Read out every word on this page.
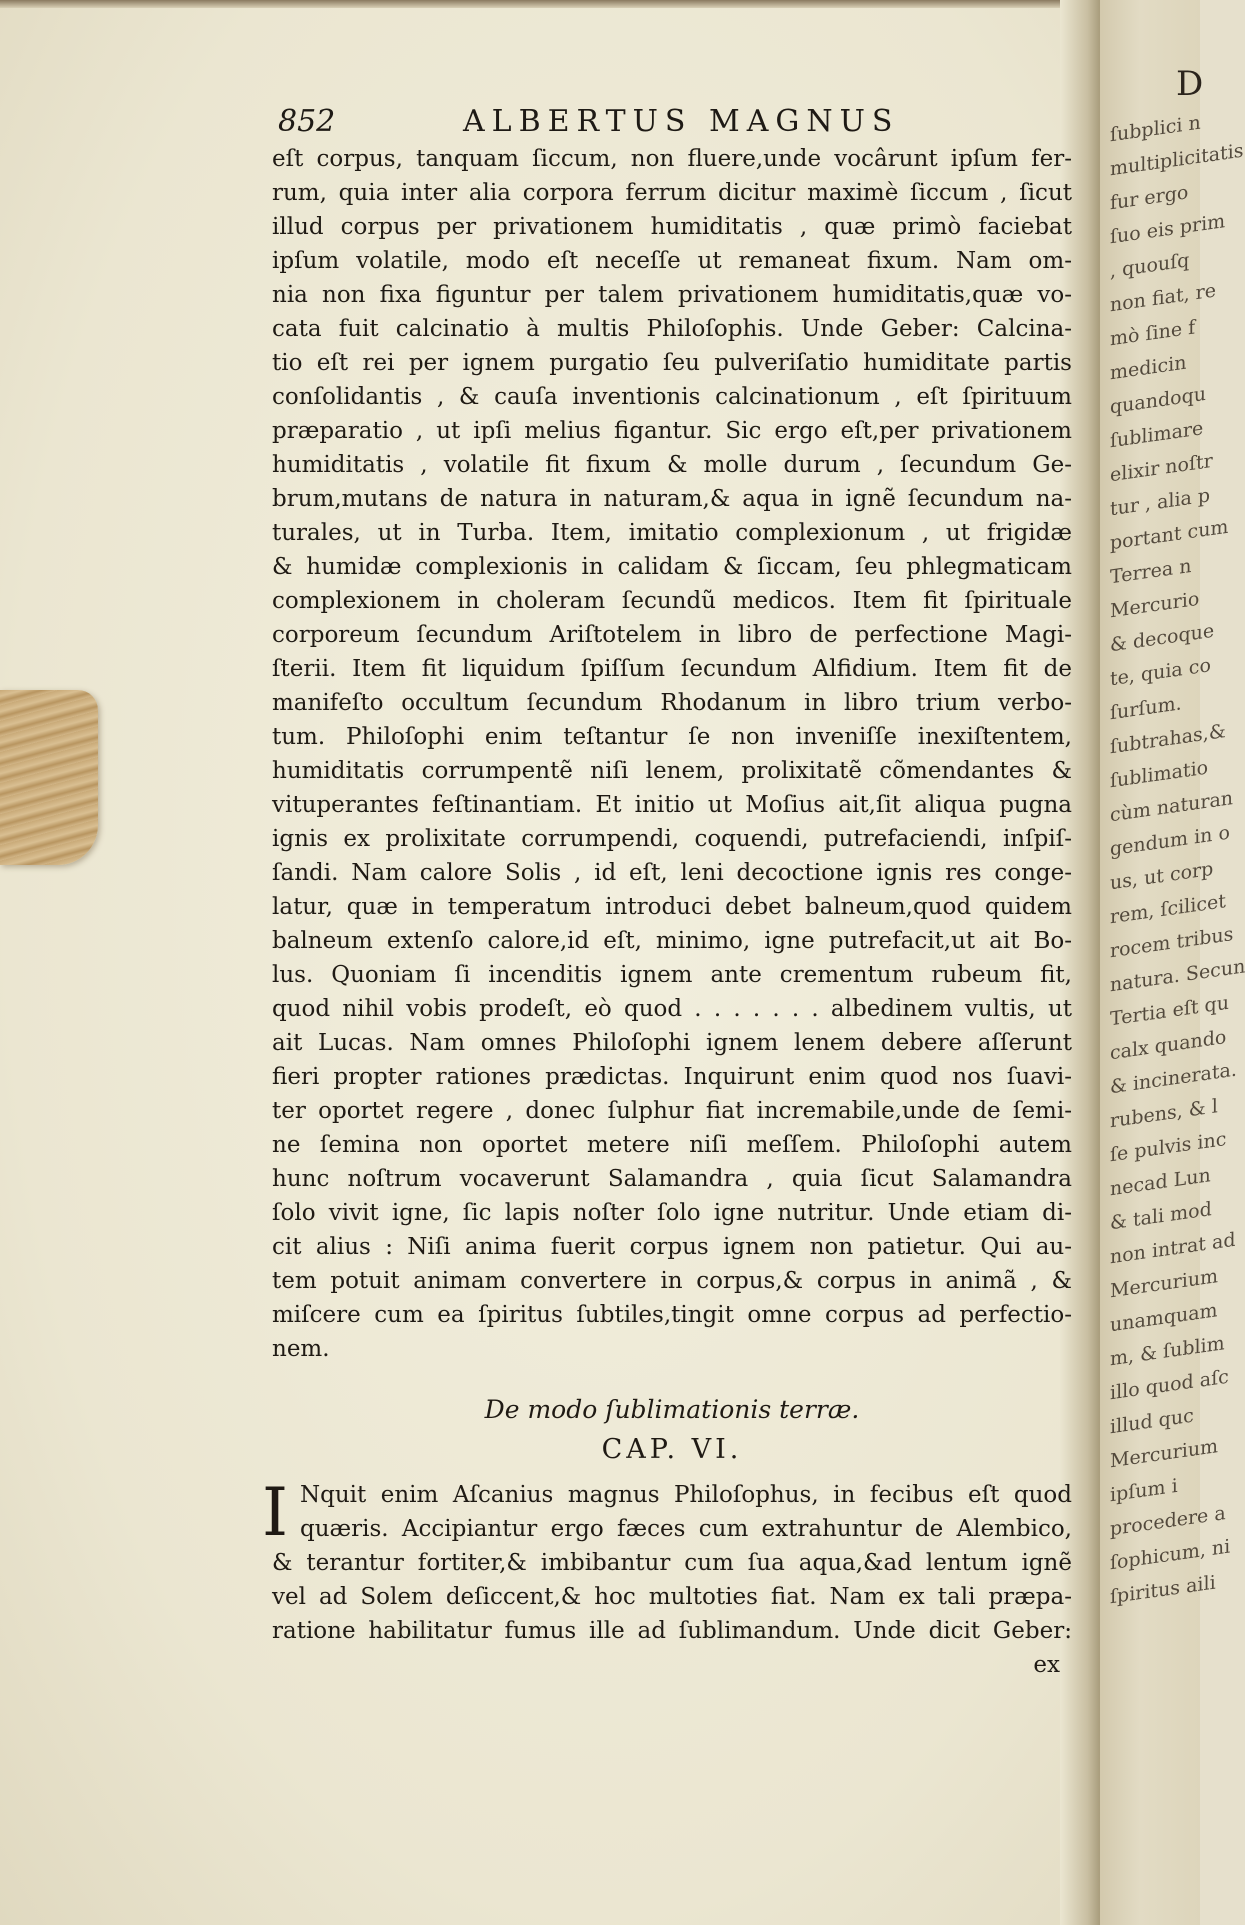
D
ſubplici n
multiplicitatis
fur ergo
ſuo eis prim
, quouſq
non fiat, re
mò ſine f
medicin
quandoqu
ſublimare
elixir noſtr
tur , alia p
portant cum
Terrea n
Mercurio
& decoque
te, quia co
ſurſum.
ſubtrahas,&
ſublimatio
cùm naturan
gendum in o
us, ut corp
rem, ſcilicet
rocem tribus
natura. Secun
Tertia eſt qu
calx quando
& incinerata.
rubens, & l
ſe pulvis inc
necad Lun
& tali mod
non intrat ad
Mercurium
unamquam
m, & ſublim
illo quod aſc
illud quc
Mercurium
ipſum i
procedere a
ſophicum, ni
ſpiritus aili
852	ALBERTUS MAGNUS
eſt corpus, tanquam ſiccum, non fluere,unde vocârunt ipſum fer-
rum, quia inter alia corpora ferrum dicitur maximè ſiccum , ſicut
illud corpus per privationem humiditatis , quæ primò faciebat
ipſum volatile, modo eſt neceſſe ut remaneat fixum. Nam om-
nia non fixa figuntur per talem privationem humiditatis,quæ vo-
cata fuit calcinatio à multis Philoſophis. Unde Geber: Calcina-
tio eſt rei per ignem purgatio ſeu pulveriſatio humiditate partis
conſolidantis , & cauſa inventionis calcinationum , eſt ſpirituum
præparatio , ut ipſi melius figantur. Sic ergo eſt,per privationem
humiditatis , volatile fit fixum & molle durum , ſecundum Ge-
brum,mutans de natura in naturam,& aqua in ignẽ ſecundum na-
turales, ut in Turba. Item, imitatio complexionum , ut frigidæ
& humidæ complexionis in calidam & ſiccam, ſeu phlegmaticam
complexionem in choleram ſecundũ medicos. Item fit ſpirituale
corporeum ſecundum Ariſtotelem in libro de perfectione Magi-
ſterii. Item fit liquidum ſpiſſum ſecundum Alfidium. Item fit de
manifeſto occultum ſecundum Rhodanum in libro trium verbo-
tum. Philoſophi enim teſtantur ſe non inveniſſe inexiſtentem,
humiditatis corrumpentẽ niſi lenem, prolixitatẽ cõmendantes &
vituperantes feſtinantiam. Et initio ut Moſius ait,ſit aliqua pugna
ignis ex prolixitate corrumpendi, coquendi, putrefaciendi, inſpiſ-
ſandi. Nam calore Solis , id eſt, leni decoctione ignis res conge-
latur, quæ in temperatum introduci debet balneum,quod quidem
balneum extenſo calore,id eſt, minimo, igne putrefacit,ut ait Bo-
lus. Quoniam ſi incenditis ignem ante crementum rubeum fit,
quod nihil vobis prodeſt, eò quod . . . . . . . albedinem vultis, ut
ait Lucas. Nam omnes Philoſophi ignem lenem debere aſſerunt
fieri propter rationes prædictas. Inquirunt enim quod nos ſuavi-
ter oportet regere , donec ſulphur fiat incremabile,unde de ſemi-
ne ſemina non oportet metere niſi meſſem. Philoſophi autem
hunc noſtrum vocaverunt Salamandra , quia ſicut Salamandra
ſolo vivit igne, ſic lapis noſter ſolo igne nutritur. Unde etiam di-
cit alius : Niſi anima fuerit corpus ignem non patietur. Qui au-
tem potuit animam convertere in corpus,& corpus in animã , &
miſcere cum ea ſpiritus ſubtiles,tingit omne corpus ad perfectio-
nem.
De modo ſublimationis terræ.
CAP. VI.
I Nquit enim Aſcanius magnus Philoſophus, in fecibus eſt quod
quæris. Accipiantur ergo fæces cum extrahuntur de Alembico,
& terantur fortiter,& imbibantur cum ſua aqua,&ad lentum ignẽ
vel ad Solem deſiccent,& hoc multoties fiat. Nam ex tali præpa-
ratione habilitatur fumus ille ad ſublimandum. Unde dicit Geber:
ex
